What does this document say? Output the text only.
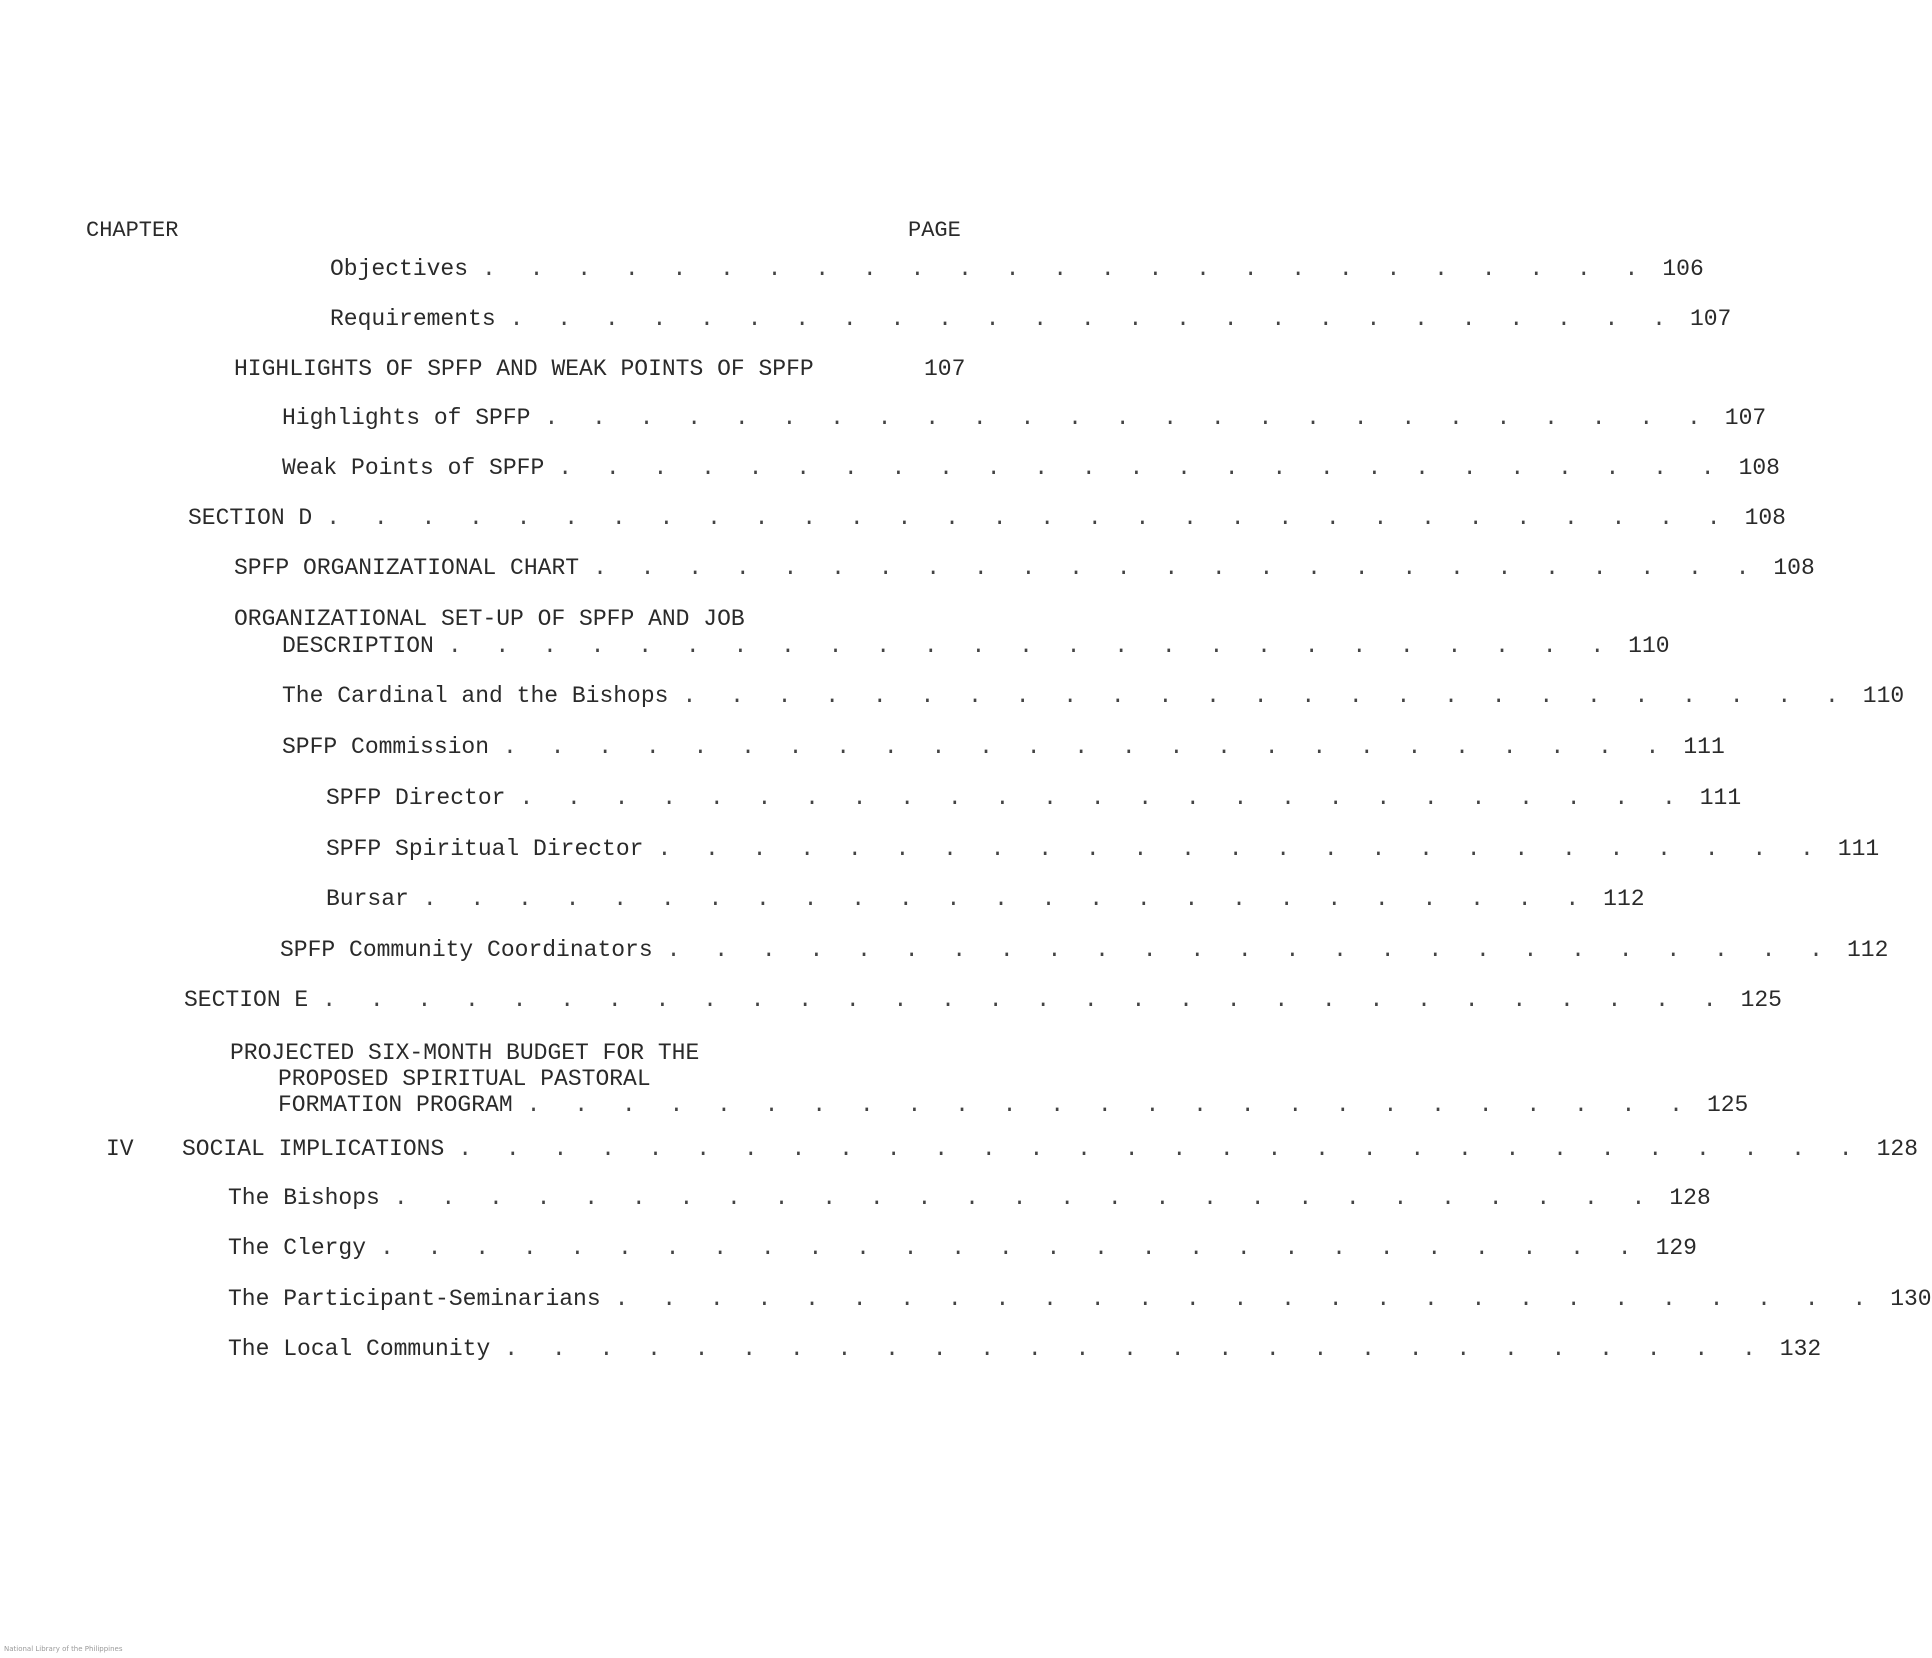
CHAPTER	PAGE
Objectives . . . . . . . . . . . . . . . . . . . . . . . . . 106
Requirements . . . . . . . . . . . . . . . . . . . . . . . . . 107
HIGHLIGHTS OF SPFP AND WEAK POINTS OF SPFP	107
Highlights of SPFP . . . . . . . . . . . . . . . . . . . . . . . . . 107
Weak Points of SPFP . . . . . . . . . . . . . . . . . . . . . . . . . 108
SECTION D . . . . . . . . . . . . . . . . . . . . . . . . . . . . . . 108
SPFP ORGANIZATIONAL CHART . . . . . . . . . . . . . . . . . . . . . . . . . 108
ORGANIZATIONAL SET-UP OF SPFP AND JOB
DESCRIPTION . . . . . . . . . . . . . . . . . . . . . . . . . 110
The Cardinal and the Bishops . . . . . . . . . . . . . . . . . . . . . . . . . 110
SPFP Commission . . . . . . . . . . . . . . . . . . . . . . . . . 111
SPFP Director . . . . . . . . . . . . . . . . . . . . . . . . . 111
SPFP Spiritual Director . . . . . . . . . . . . . . . . . . . . . . . . . 111
Bursar . . . . . . . . . . . . . . . . . . . . . . . . . 112
SPFP Community Coordinators . . . . . . . . . . . . . . . . . . . . . . . . . 112
SECTION E . . . . . . . . . . . . . . . . . . . . . . . . . . . . . . 125
PROJECTED SIX-MONTH BUDGET FOR THE
PROPOSED SPIRITUAL PASTORAL
FORMATION PROGRAM . . . . . . . . . . . . . . . . . . . . . . . . . 125
IV SOCIAL IMPLICATIONS . . . . . . . . . . . . . . . . . . . . . . . . . . . . . . 128
The Bishops . . . . . . . . . . . . . . . . . . . . . . . . . . . 128
The Clergy . . . . . . . . . . . . . . . . . . . . . . . . . . . 129
The Participant-Seminarians . . . . . . . . . . . . . . . . . . . . . . . . . . . 130
The Local Community . . . . . . . . . . . . . . . . . . . . . . . . . . . 132
National Library of the Philippines
